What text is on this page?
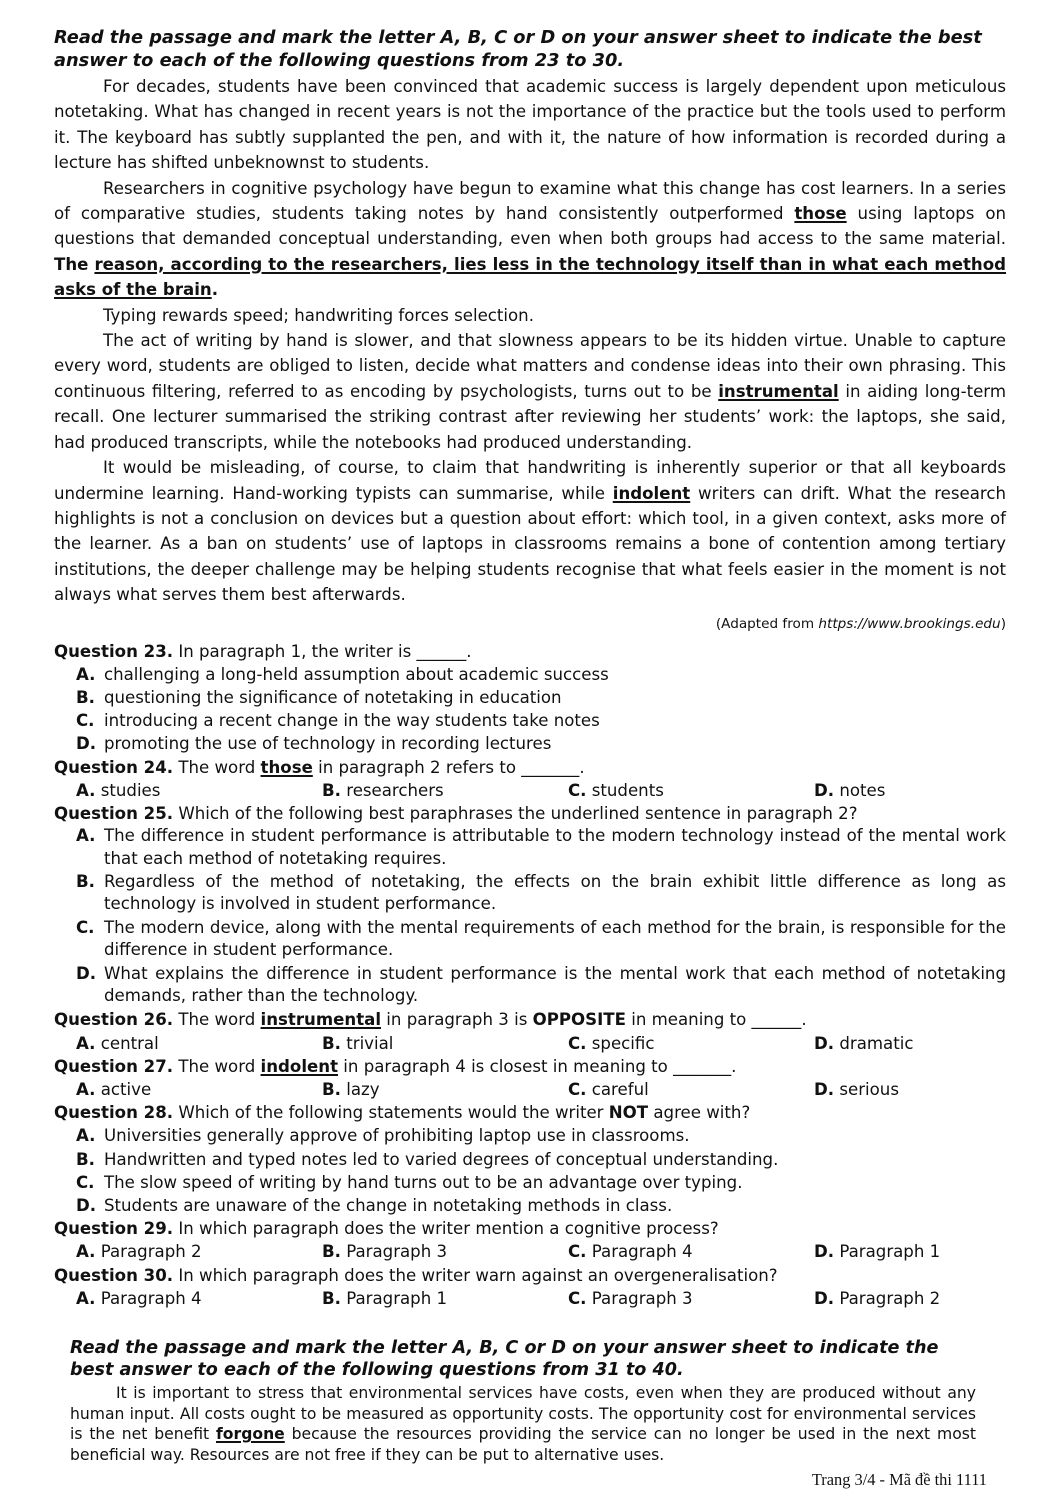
Read the passage and mark the letter A, B, C or D on your answer sheet to indicate the best answer to each of the following questions from 23 to 30.

For decades, students have been convinced that academic success is largely dependent upon meticulous notetaking. What has changed in recent years is not the importance of the practice but the tools used to perform it. The keyboard has subtly supplanted the pen, and with it, the nature of how information is recorded during a lecture has shifted unbeknownst to students.

Researchers in cognitive psychology have begun to examine what this change has cost learners. In a series of comparative studies, students taking notes by hand consistently outperformed those using laptops on questions that demanded conceptual understanding, even when both groups had access to the same material. The reason, according to the researchers, lies less in the technology itself than in what each method asks of the brain.

Typing rewards speed; handwriting forces selection.

The act of writing by hand is slower, and that slowness appears to be its hidden virtue. Unable to capture every word, students are obliged to listen, decide what matters and condense ideas into their own phrasing. This continuous filtering, referred to as encoding by psychologists, turns out to be instrumental in aiding long-term recall. One lecturer summarised the striking contrast after reviewing her students’ work: the laptops, she said, had produced transcripts, while the notebooks had produced understanding.

It would be misleading, of course, to claim that handwriting is inherently superior or that all keyboards undermine learning. Hand-working typists can summarise, while indolent writers can drift. What the research highlights is not a conclusion on devices but a question about effort: which tool, in a given context, asks more of the learner. As a ban on students’ use of laptops in classrooms remains a bone of contention among tertiary institutions, the deeper challenge may be helping students recognise that what feels easier in the moment is not always what serves them best afterwards.

(Adapted from https://www.brookings.edu)

Question 23. In paragraph 1, the writer is ______.

A. challenging a long-held assumption about academic success
B. questioning the significance of notetaking in education
C. introducing a recent change in the way students take notes
D. promoting the use of technology in recording lectures

Question 24. The word those in paragraph 2 refers to _______.

A. studies	B. researchers	C. students	D. notes

Question 25. Which of the following best paraphrases the underlined sentence in paragraph 2?

A. The difference in student performance is attributable to the modern technology instead of the mental work that each method of notetaking requires.
B. Regardless of the method of notetaking, the effects on the brain exhibit little difference as long as technology is involved in student performance.
C. The modern device, along with the mental requirements of each method for the brain, is responsible for the difference in student performance.
D. What explains the difference in student performance is the mental work that each method of notetaking demands, rather than the technology.

Question 26. The word instrumental in paragraph 3 is OPPOSITE in meaning to ______.

A. central	B. trivial	C. specific	D. dramatic

Question 27. The word indolent in paragraph 4 is closest in meaning to _______.

A. active	B. lazy	C. careful	D. serious

Question 28. Which of the following statements would the writer NOT agree with?

A. Universities generally approve of prohibiting laptop use in classrooms.
B. Handwritten and typed notes led to varied degrees of conceptual understanding.
C. The slow speed of writing by hand turns out to be an advantage over typing.
D. Students are unaware of the change in notetaking methods in class.

Question 29. In which paragraph does the writer mention a cognitive process?

A. Paragraph 2	B. Paragraph 3	C. Paragraph 4	D. Paragraph 1

Question 30. In which paragraph does the writer warn against an overgeneralisation?

A. Paragraph 4	B. Paragraph 1	C. Paragraph 3	D. Paragraph 2

Read the passage and mark the letter A, B, C or D on your answer sheet to indicate the best answer to each of the following questions from 31 to 40.

It is important to stress that environmental services have costs, even when they are produced without any human input. All costs ought to be measured as opportunity costs. The opportunity cost for environmental services is the net benefit forgone because the resources providing the service can no longer be used in the next most beneficial way. Resources are not free if they can be put to alternative uses.

Trang 3/4 - Mã đề thi 1111
